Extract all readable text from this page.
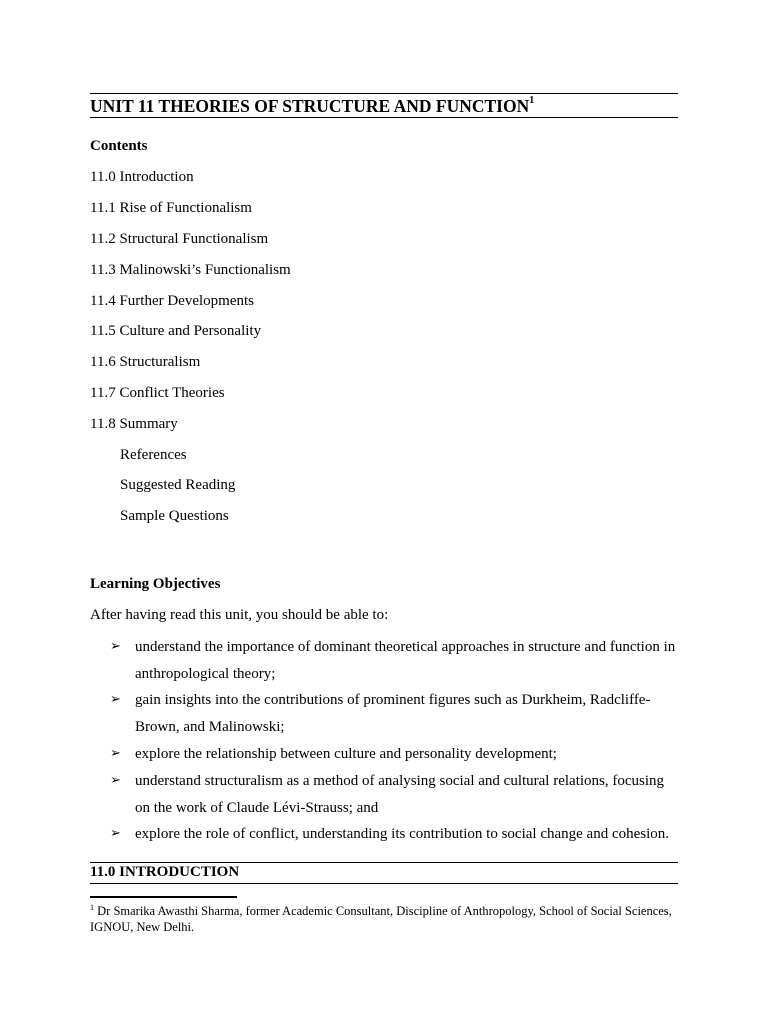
UNIT 11 THEORIES OF STRUCTURE AND FUNCTION$^1$
Contents
11.0 Introduction
11.1 Rise of Functionalism
11.2 Structural Functionalism
11.3 Malinowski’s Functionalism
11.4 Further Developments
11.5 Culture and Personality
11.6 Structuralism
11.7 Conflict Theories
11.8 Summary
References
Suggested Reading
Sample Questions
Learning Objectives
After having read this unit, you should be able to:
➢ understand the importance of dominant theoretical approaches in structure and function in anthropological theory;
➢ gain insights into the contributions of prominent figures such as Durkheim, Radcliffe-Brown, and Malinowski;
➢ explore the relationship between culture and personality development;
➢ understand structuralism as a method of analysing social and cultural relations, focusing on the work of Claude Lévi-Strauss; and
➢ explore the role of conflict, understanding its contribution to social change and cohesion.
11.0 INTRODUCTION
$^1$ Dr Smarika Awasthi Sharma, former Academic Consultant, Discipline of Anthropology, School of Social Sciences, IGNOU, New Delhi.
